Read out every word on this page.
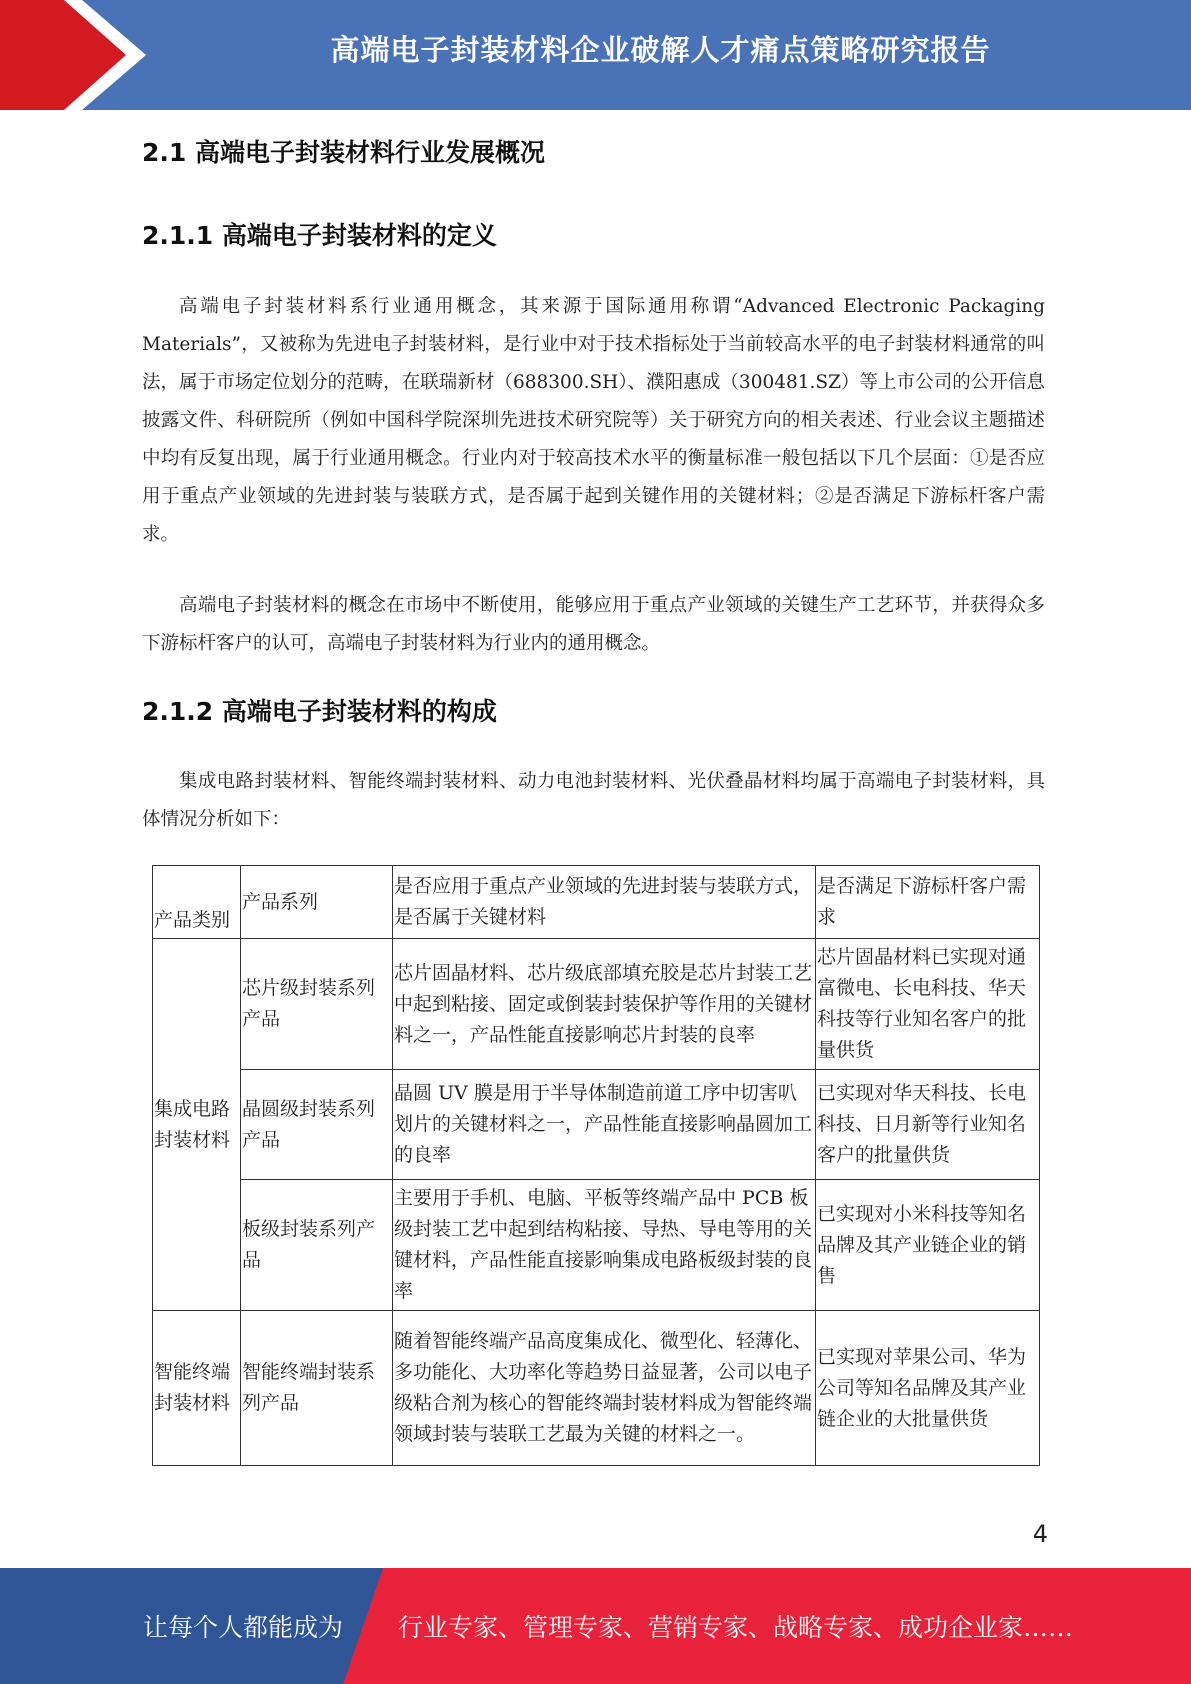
高端电子封装材料企业破解人才痛点策略研究报告
2.1 高端电子封装材料行业发展概况
2.1.1 高端电子封装材料的定义
高端电子封装材料系行业通用概念，其来源于国际通用称谓“Advanced Electronic Packaging Materials”，又被称为先进电子封装材料，是行业中对于技术指标处于当前较高水平的电子封装材料通常的叫法，属于市场定位划分的范畴，在联瑞新材（688300.SH）、濮阳惠成（300481.SZ）等上市公司的公开信息披露文件、科研院所（例如中国科学院深圳先进技术研究院等）关于研究方向的相关表述、行业会议主题描述中均有反复出现，属于行业通用概念。行业内对于较高技术水平的衡量标准一般包括以下几个层面：①是否应用于重点产业领域的先进封装与装联方式，是否属于起到关键作用的关键材料；②是否满足下游标杆客户需求。
高端电子封装材料的概念在市场中不断使用，能够应用于重点产业领域的关键生产工艺环节，并获得众多下游标杆客户的认可，高端电子封装材料为行业内的通用概念。
2.1.2 高端电子封装材料的构成
集成电路封装材料、智能终端封装材料、动力电池封装材料、光伏叠晶材料均属于高端电子封装材料，具体情况分析如下：
产品类别	产品系列	是否应用于重点产业领域的先进封装与装联方式，是否属于关键材料	是否满足下游标杆客户需求
集成电路封装材料	芯片级封装系列产品	芯片固晶材料、芯片级底部填充胶是芯片封装工艺中起到粘接、固定或倒装封装保护等作用的关键材料之一，产品性能直接影响芯片封装的良率	芯片固晶材料已实现对通富微电、长电科技、华天科技等行业知名客户的批量供货
	晶圆级封装系列产品	晶圆 UV 膜是用于半导体制造前道工序中切害叭划片的关键材料之一，产品性能直接影响晶圆加工的良率	已实现对华天科技、长电科技、日月新等行业知名客户的批量供货
	板级封装系列产品	主要用于手机、电脑、平板等终端产品中 PCB 板级封装工艺中起到结构粘接、导热、导电等用的关键材料，产品性能直接影响集成电路板级封装的良率	已实现对小米科技等知名品牌及其产业链企业的销售
智能终端封装材料	智能终端封装系列产品	随着智能终端产品高度集成化、微型化、轻薄化、多功能化、大功率化等趋势日益显著，公司以电子级粘合剂为核心的智能终端封装材料成为智能终端领域封装与装联工艺最为关键的材料之一。	已实现对苹果公司、华为公司等知名品牌及其产业链企业的大批量供货
4
让每个人都能成为 行业专家、管理专家、营销专家、战略专家、成功企业家……
